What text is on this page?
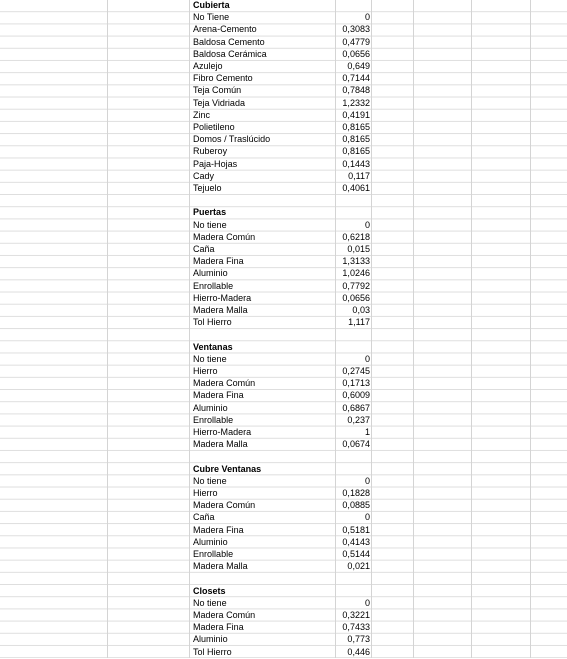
Cubierta
No Tiene	0
Arena-Cemento	0,3083
Baldosa Cemento	0,4779
Baldosa Cerámica	0,0656
Azulejo	0,649
Fibro Cemento	0,7144
Teja Común	0,7848
Teja Vidriada	1,2332
Zinc	0,4191
Polietileno	0,8165
Domos / Traslúcido	0,8165
Ruberoy	0,8165
Paja-Hojas	0,1443
Cady	0,117
Tejuelo	0,4061
Puertas
No tiene	0
Madera Común	0,6218
Caña	0,015
Madera Fina	1,3133
Aluminio	1,0246
Enrollable	0,7792
Hierro-Madera	0,0656
Madera Malla	0,03
Tol Hierro	1,117
Ventanas
No tiene	0
Hierro	0,2745
Madera Común	0,1713
Madera Fina	0,6009
Aluminio	0,6867
Enrollable	0,237
Hierro-Madera	1
Madera Malla	0,0674
Cubre Ventanas
No tiene	0
Hierro	0,1828
Madera Común	0,0885
Caña	0
Madera Fina	0,5181
Aluminio	0,4143
Enrollable	0,5144
Madera Malla	0,021
Closets
No tiene	0
Madera Común	0,3221
Madera Fina	0,7433
Aluminio	0,773
Tol Hierro	0,446
